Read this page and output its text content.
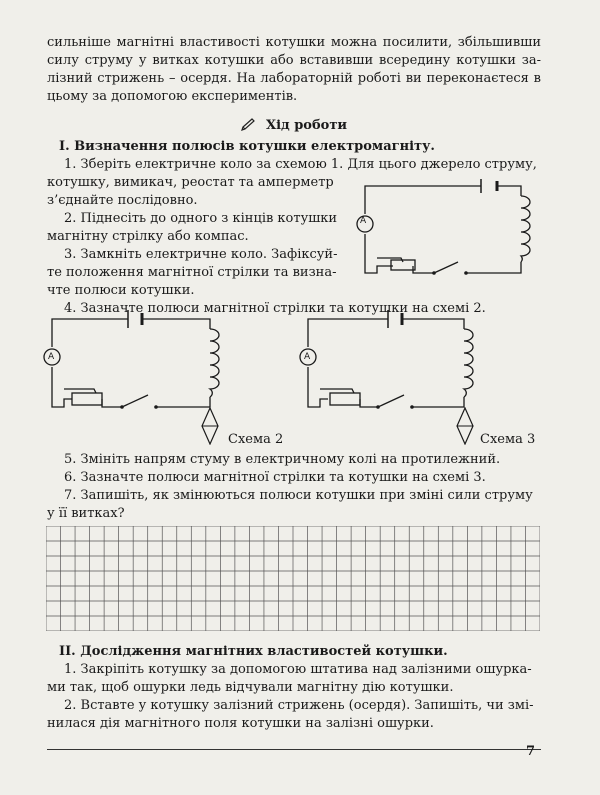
сильніше магнітні властивості котушки можна посилити, збільшивши
силу струму у витках котушки або вставивши всередину котушки за-
лізний стрижень – осердя. На лабораторній роботі ви переконаєтеся в
цьому за допомогою експериментів.
Хід роботи
I. Визначення полюсів котушки електромагніту.
1. Зберіть електричне коло за схемою 1. Для цього джерело струму,
котушку, вимикач, реостат та амперметр
з’єднайте послідовно.
2. Піднесіть до одного з кінців котушки
магнітну стрілку або компас.
3. Замкніть електричне коло. Зафіксуй-
те положення магнітної стрілки та визна-
чте полюси котушки.
4. Зазначте полюси магнітної стрілки та котушки на схемі 2.
A
A
Схема 2
A
Схема 3
5. Змініть напрям стуму в електричному колі на протилежний.
6. Зазначте полюси магнітної стрілки та котушки на схемі 3.
7. Запишіть, як змінюються полюси котушки при зміні сили струму
у її витках?
II. Дослідження магнітних властивостей котушки.
1. Закріпіть котушку за допомогою штатива над залізними ошурка-
ми так, щоб ошурки ледь відчували магнітну дію котушки.
2. Вставте у котушку залізний стрижень (осердя). Запишіть, чи змі-
нилася дія магнітного поля котушки на залізні ошурки.
7
